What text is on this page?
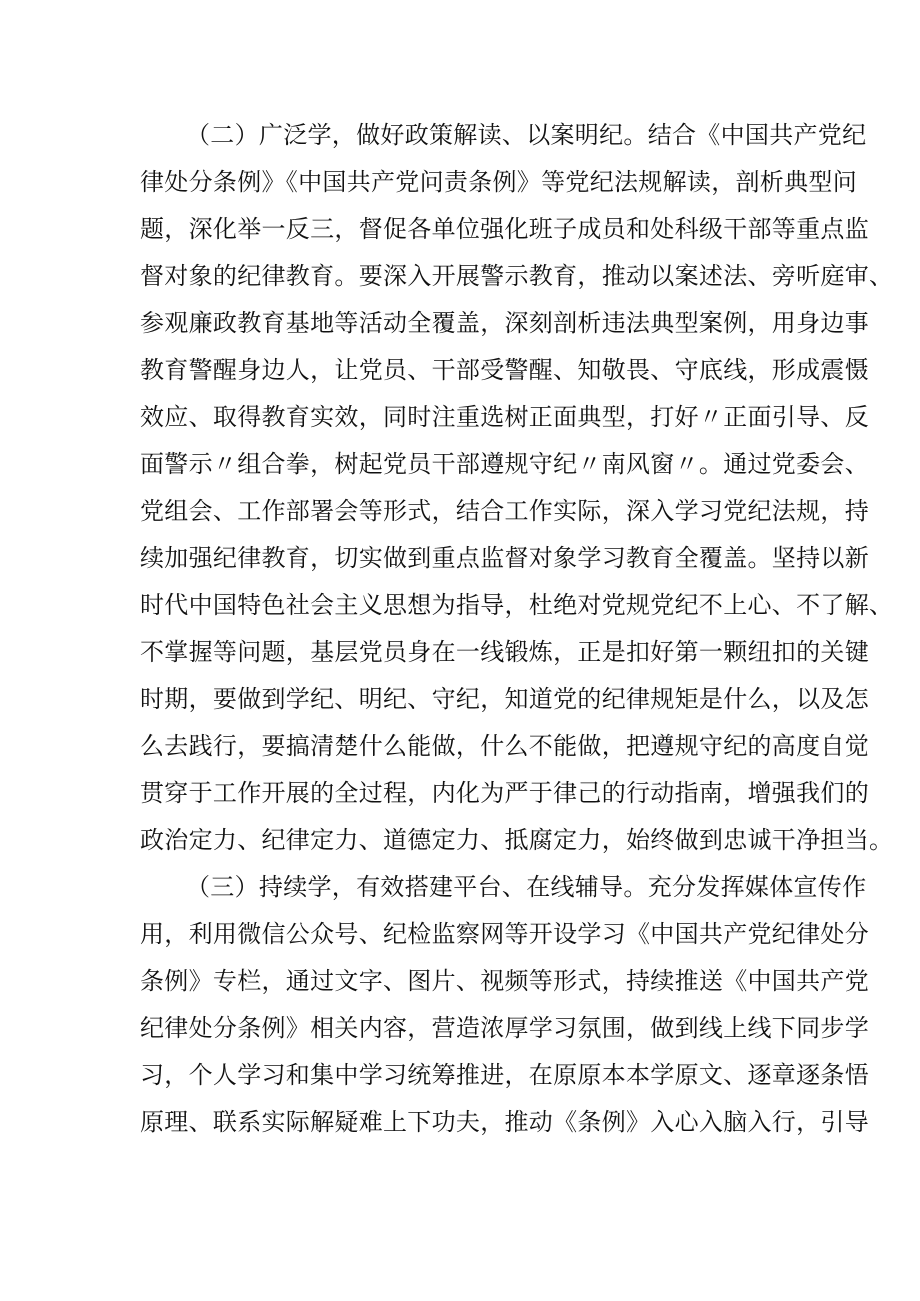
（二）广泛学，做好政策解读、以案明纪。结合《中国共产党纪
律处分条例》《中国共产党问责条例》等党纪法规解读，剖析典型问
题，深化举一反三，督促各单位强化班子成员和处科级干部等重点监
督对象的纪律教育。要深入开展警示教育，推动以案述法、旁听庭审、
参观廉政教育基地等活动全覆盖，深刻剖析违法典型案例，用身边事
教育警醒身边人，让党员、干部受警醒、知敬畏、守底线，形成震慑
效应、取得教育实效，同时注重选树正面典型，打好〃正面引导、反
面警示〃组合拳，树起党员干部遵规守纪〃南风窗〃。通过党委会、
党组会、工作部署会等形式，结合工作实际，深入学习党纪法规，持
续加强纪律教育，切实做到重点监督对象学习教育全覆盖。坚持以新
时代中国特色社会主义思想为指导，杜绝对党规党纪不上心、不了解、
不掌握等问题，基层党员身在一线锻炼，正是扣好第一颗纽扣的关键
时期，要做到学纪、明纪、守纪，知道党的纪律规矩是什么，以及怎
么去践行，要搞清楚什么能做，什么不能做，把遵规守纪的高度自觉
贯穿于工作开展的全过程，内化为严于律己的行动指南，增强我们的
政治定力、纪律定力、道德定力、抵腐定力，始终做到忠诚干净担当。
（三）持续学，有效搭建平台、在线辅导。充分发挥媒体宣传作
用，利用微信公众号、纪检监察网等开设学习《中国共产党纪律处分
条例》专栏，通过文字、图片、视频等形式，持续推送《中国共产党
纪律处分条例》相关内容，营造浓厚学习氛围，做到线上线下同步学
习，个人学习和集中学习统筹推进，在原原本本学原文、逐章逐条悟
原理、联系实际解疑难上下功夫，推动《条例》入心入脑入行，引导
